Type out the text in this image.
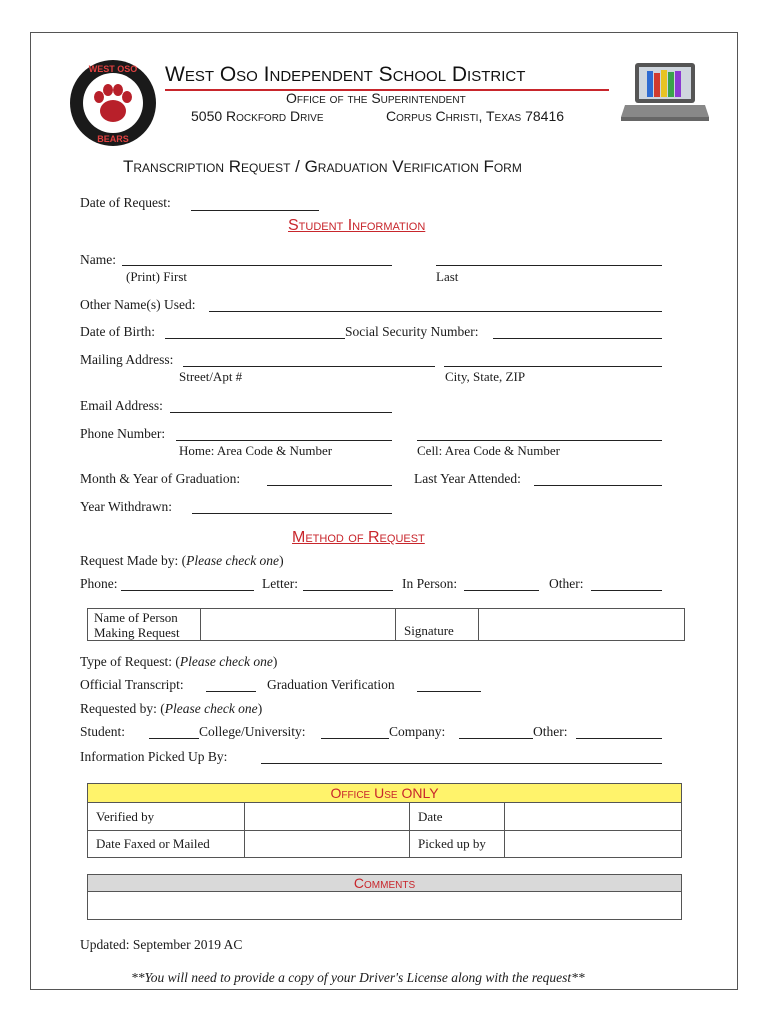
WEST OSO
BEARS
West Oso Independent School District
Office of the Superintendent
5050 Rockford Drive	Corpus Christi, Texas 78416
Transcription Request / Graduation Verification Form
Date of Request:
Student Information
Name:
(Print) First	Last
Other Name(s) Used:
Date of Birth:	Social Security Number:
Mailing Address:
Street/Apt #	City, State, ZIP
Email Address:
Phone Number:
Home: Area Code & Number	Cell: Area Code & Number
Month & Year of Graduation:	Last Year Attended:
Year Withdrawn:
Method of Request
Request Made by: (Please check one)
Phone:	Letter:	In Person:	Other:
Name of Person
Making Request		Signature	
Type of Request: (Please check one)
Official Transcript:	Graduation Verification
Requested by: (Please check one)
Student:	College/University:	Company:	Other:
Information Picked Up By:
Office Use ONLY			
Verified by		Date	
Date Faxed or Mailed		Picked up by	
Comments

Updated: September 2019 AC
**You will need to provide a copy of your Driver's License along with the request**
